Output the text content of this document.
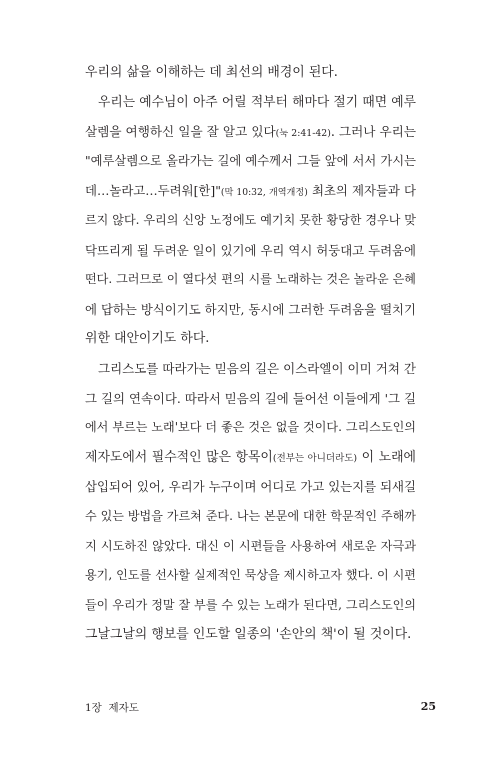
우리의 삶을 이해하는 데 최선의 배경이 된다.
우리는 예수님이 아주 어릴 적부터 해마다 절기 때면 예루
살렘을 여행하신 일을 잘 알고 있다(눅 2:41-42). 그러나 우리는
"예루살렘으로 올라가는 길에 예수께서 그들 앞에 서서 가시는
데…놀라고…두려워[한]"(막 10:32, 개역개정) 최초의 제자들과 다
르지 않다. 우리의 신앙 노정에도 예기치 못한 황당한 경우나 맞
닥뜨리게 될 두려운 일이 있기에 우리 역시 허둥대고 두려움에
떤다. 그러므로 이 열다섯 편의 시를 노래하는 것은 놀라운 은혜
에 답하는 방식이기도 하지만, 동시에 그러한 두려움을 떨치기
위한 대안이기도 하다.
그리스도를 따라가는 믿음의 길은 이스라엘이 이미 거쳐 간
그 길의 연속이다. 따라서 믿음의 길에 들어선 이들에게 '그 길
에서 부르는 노래'보다 더 좋은 것은 없을 것이다. 그리스도인의
제자도에서 필수적인 많은 항목이(전부는 아니더라도) 이 노래에
삽입되어 있어, 우리가 누구이며 어디로 가고 있는지를 되새길
수 있는 방법을 가르쳐 준다. 나는 본문에 대한 학문적인 주해까
지 시도하진 않았다. 대신 이 시편들을 사용하여 새로운 자극과
용기, 인도를 선사할 실제적인 묵상을 제시하고자 했다. 이 시편
들이 우리가 정말 잘 부를 수 있는 노래가 된다면, 그리스도인의
그날그날의 행보를 인도할 일종의 '손안의 책'이 될 것이다.
1장 제자도	25
